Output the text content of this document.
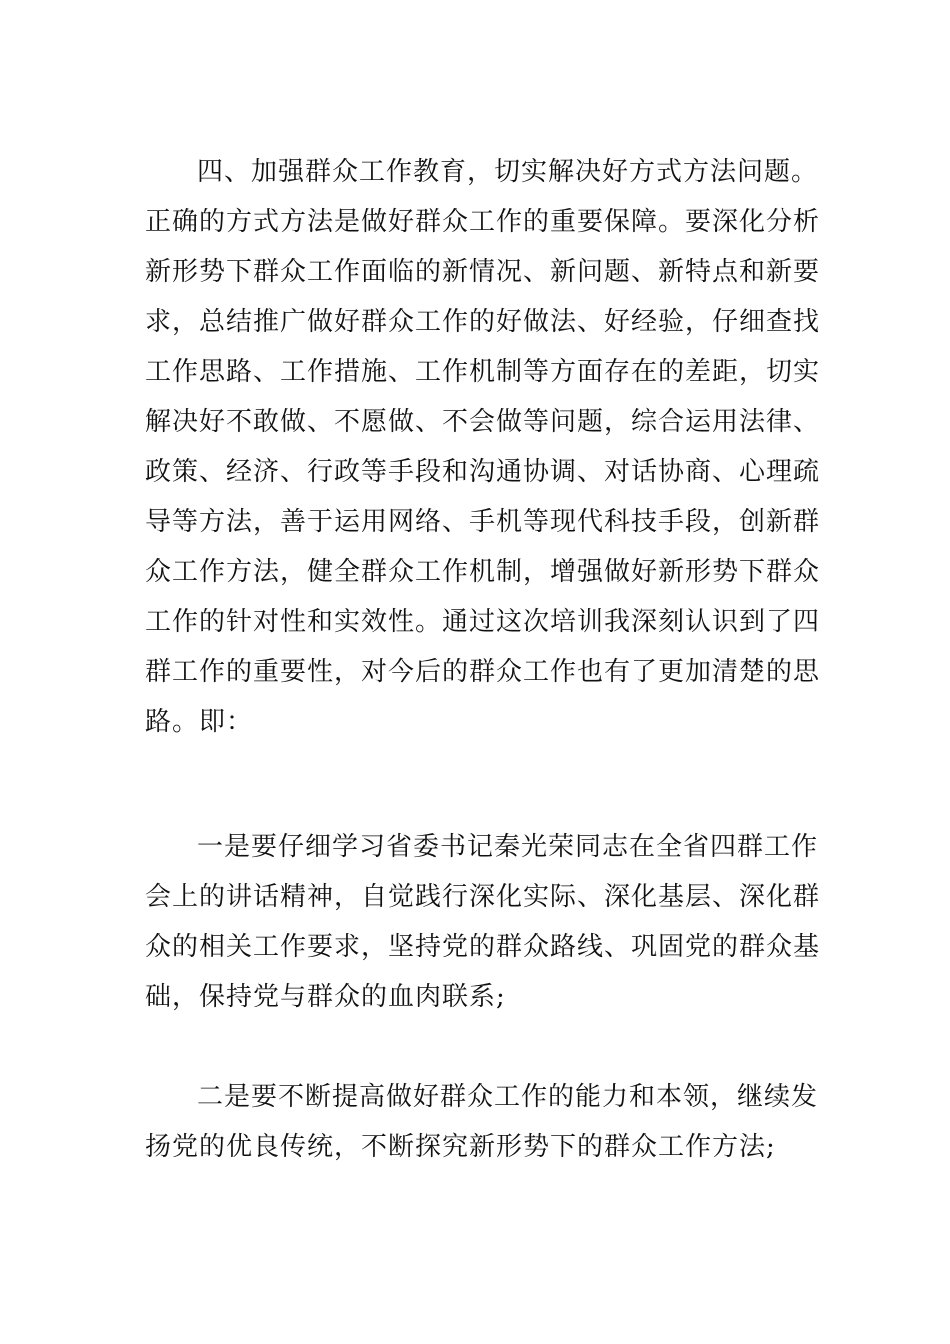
四、加强群众工作教育，切实解决好方式方法问题。
正确的方式方法是做好群众工作的重要保障。要深化分析
新形势下群众工作面临的新情况、新问题、新特点和新要
求，总结推广做好群众工作的好做法、好经验，仔细查找
工作思路、工作措施、工作机制等方面存在的差距，切实
解决好不敢做、不愿做、不会做等问题，综合运用法律、
政策、经济、行政等手段和沟通协调、对话协商、心理疏
导等方法，善于运用网络、手机等现代科技手段，创新群
众工作方法，健全群众工作机制，增强做好新形势下群众
工作的针对性和实效性。通过这次培训我深刻认识到了四
群工作的重要性，对今后的群众工作也有了更加清楚的思
路。即：
一是要仔细学习省委书记秦光荣同志在全省四群工作
会上的讲话精神，自觉践行深化实际、深化基层、深化群
众的相关工作要求，坚持党的群众路线、巩固党的群众基
础，保持党与群众的血肉联系;
二是要不断提高做好群众工作的能力和本领，继续发
扬党的优良传统，不断探究新形势下的群众工作方法;
